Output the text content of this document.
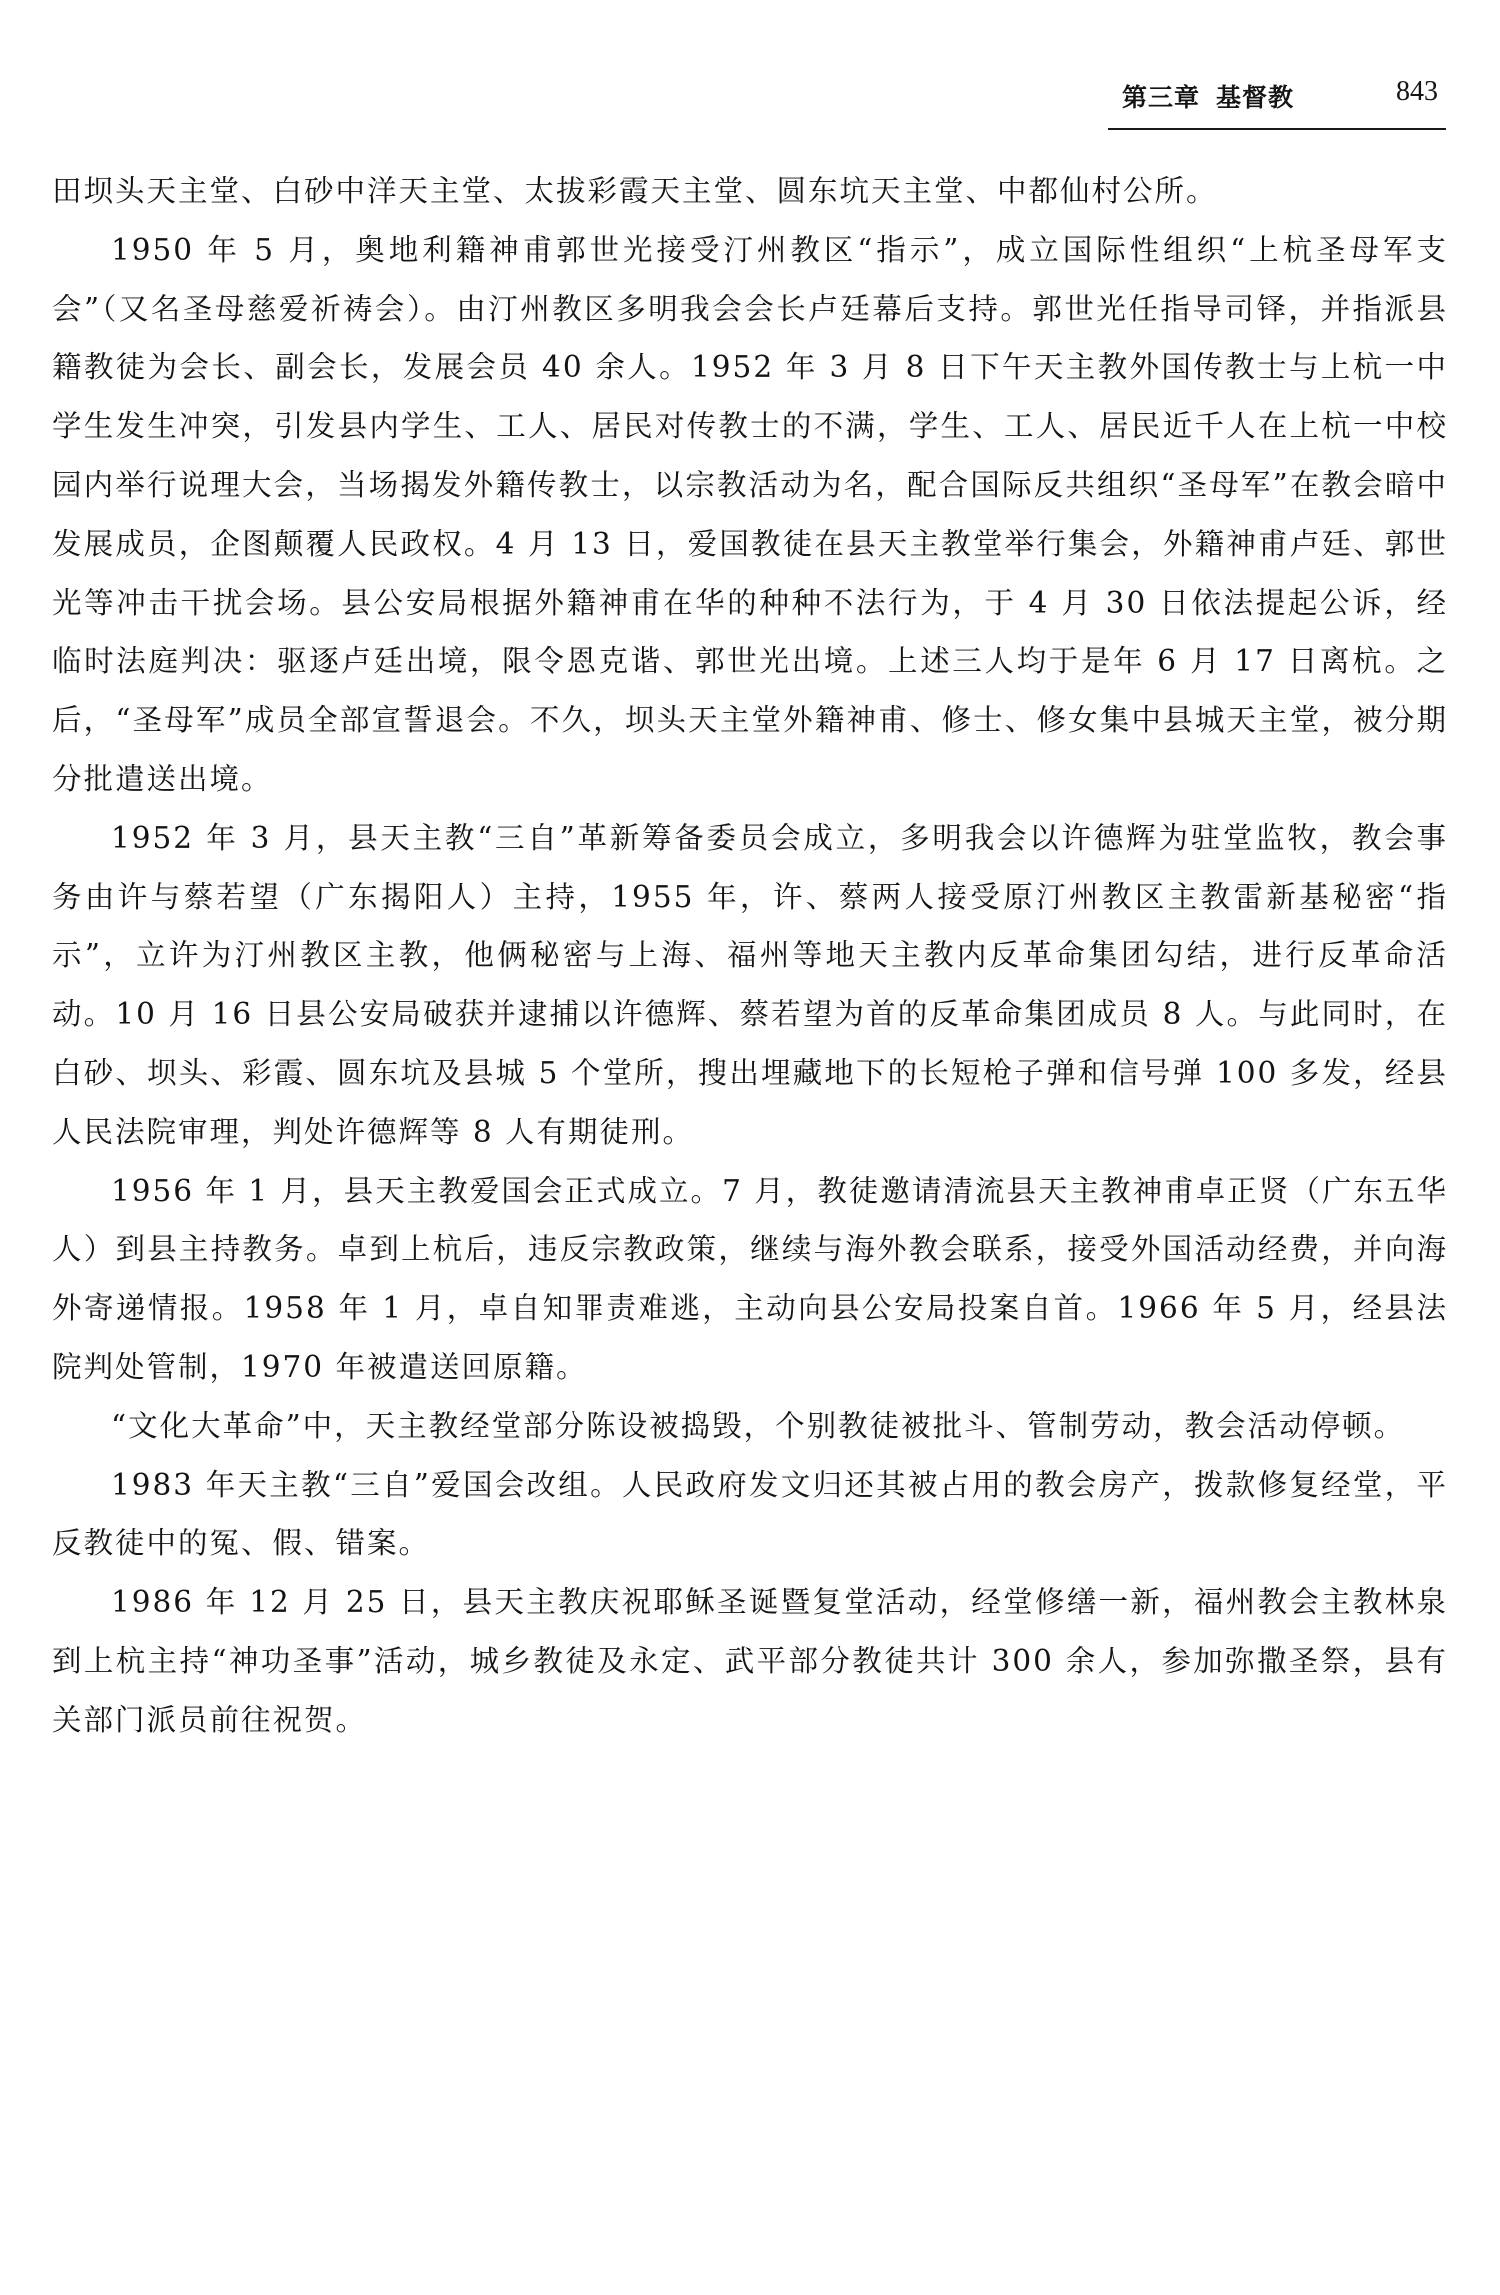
第三章 基督教	843

田坝头天主堂、白砂中洋天主堂、太拔彩霞天主堂、圆东坑天主堂、中都仙村公所。

1950 年 5 月，奥地利籍神甫郭世光接受汀州教区“指示”，成立国际性组织“上杭圣母军支会”（又名圣母慈爱祈祷会）。由汀州教区多明我会会长卢廷幕后支持。郭世光任指导司铎，并指派县籍教徒为会长、副会长，发展会员 40 余人。1952 年 3 月 8 日下午天主教外国传教士与上杭一中学生发生冲突，引发县内学生、工人、居民对传教士的不满，学生、工人、居民近千人在上杭一中校园内举行说理大会，当场揭发外籍传教士，以宗教活动为名，配合国际反共组织“圣母军”在教会暗中发展成员，企图颠覆人民政权。4 月 13 日，爱国教徒在县天主教堂举行集会，外籍神甫卢廷、郭世光等冲击干扰会场。县公安局根据外籍神甫在华的种种不法行为，于 4 月 30 日依法提起公诉，经临时法庭判决：驱逐卢廷出境，限令恩克谐、郭世光出境。上述三人均于是年 6 月 17 日离杭。之后，“圣母军”成员全部宣誓退会。不久，坝头天主堂外籍神甫、修士、修女集中县城天主堂，被分期分批遣送出境。

1952 年 3 月，县天主教“三自”革新筹备委员会成立，多明我会以许德辉为驻堂监牧，教会事务由许与蔡若望（广东揭阳人）主持，1955 年，许、蔡两人接受原汀州教区主教雷新基秘密“指示”，立许为汀州教区主教，他俩秘密与上海、福州等地天主教内反革命集团勾结，进行反革命活动。10 月 16 日县公安局破获并逮捕以许德辉、蔡若望为首的反革命集团成员 8 人。与此同时，在白砂、坝头、彩霞、圆东坑及县城 5 个堂所，搜出埋藏地下的长短枪子弹和信号弹 100 多发，经县人民法院审理，判处许德辉等 8 人有期徒刑。

1956 年 1 月，县天主教爱国会正式成立。7 月，教徒邀请清流县天主教神甫卓正贤（广东五华人）到县主持教务。卓到上杭后，违反宗教政策，继续与海外教会联系，接受外国活动经费，并向海外寄递情报。1958 年 1 月，卓自知罪责难逃，主动向县公安局投案自首。1966 年 5 月，经县法院判处管制，1970 年被遣送回原籍。

“文化大革命”中，天主教经堂部分陈设被捣毁，个别教徒被批斗、管制劳动，教会活动停顿。

1983 年天主教“三自”爱国会改组。人民政府发文归还其被占用的教会房产，拨款修复经堂，平反教徒中的冤、假、错案。

1986 年 12 月 25 日，县天主教庆祝耶稣圣诞暨复堂活动，经堂修缮一新，福州教会主教林泉到上杭主持“神功圣事”活动，城乡教徒及永定、武平部分教徒共计 300 余人，参加弥撒圣祭，县有关部门派员前往祝贺。
